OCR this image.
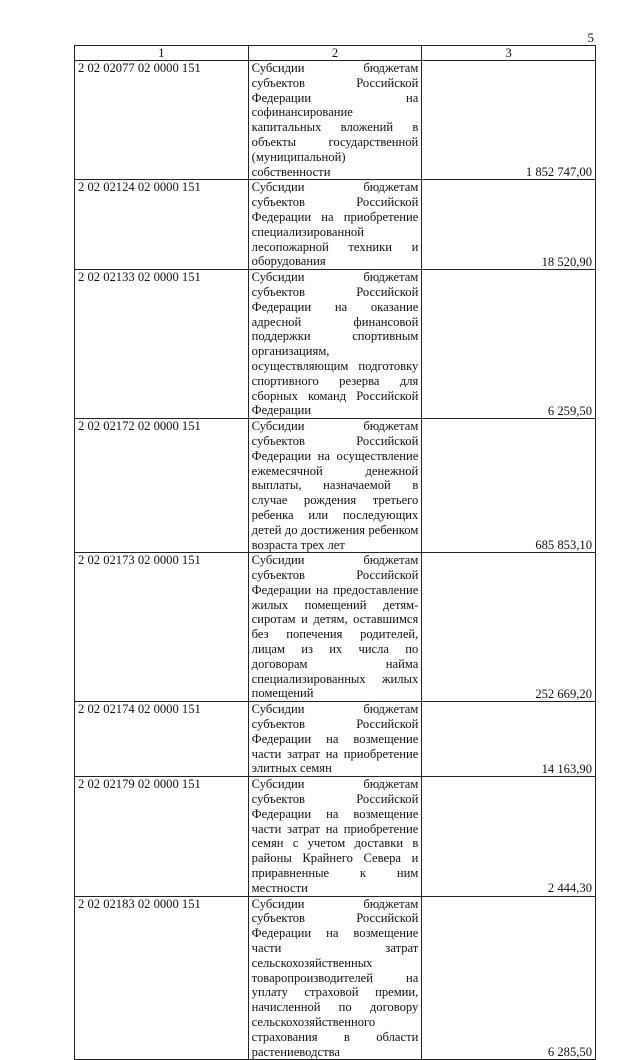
5
1	2	3
2 02 02077 02 0000 151	Субсидии бюджетам субъектов Российской Федерации на софинансирование капитальных вложений в объекты государственной (муниципальной) собственности	1 852 747,00
2 02 02124 02 0000 151	Субсидии бюджетам субъектов Российской Федерации на приобретение специализированной лесопожарной техники и оборудования	18 520,90
2 02 02133 02 0000 151	Субсидии бюджетам субъектов Российской Федерации на оказание адресной финансовой поддержки спортивным организациям, осуществляющим подготовку спортивного резерва для сборных команд Российской Федерации	6 259,50
2 02 02172 02 0000 151	Субсидии бюджетам субъектов Российской Федерации на осуществление ежемесячной денежной выплаты, назначаемой в случае рождения третьего ребенка или последующих детей до достижения ребенком возраста трех лет	685 853,10
2 02 02173 02 0000 151	Субсидии бюджетам субъектов Российской Федерации на предоставление жилых помещений детям-сиротам и детям, оставшимся без попечения родителей, лицам из их числа по договорам найма специализированных жилых помещений	252 669,20
2 02 02174 02 0000 151	Субсидии бюджетам субъектов Российской Федерации на возмещение части затрат на приобретение элитных семян	14 163,90
2 02 02179 02 0000 151	Субсидии бюджетам субъектов Российской Федерации на возмещение части затрат на приобретение семян с учетом доставки в районы Крайнего Севера и приравненные к ним местности	2 444,30
2 02 02183 02 0000 151	Субсидии бюджетам субъектов Российской Федерации на возмещение части затрат сельскохозяйственных товаропроизводителей на уплату страховой премии, начисленной по договору сельскохозяйственного страхования в области растениеводства	6 285,50
